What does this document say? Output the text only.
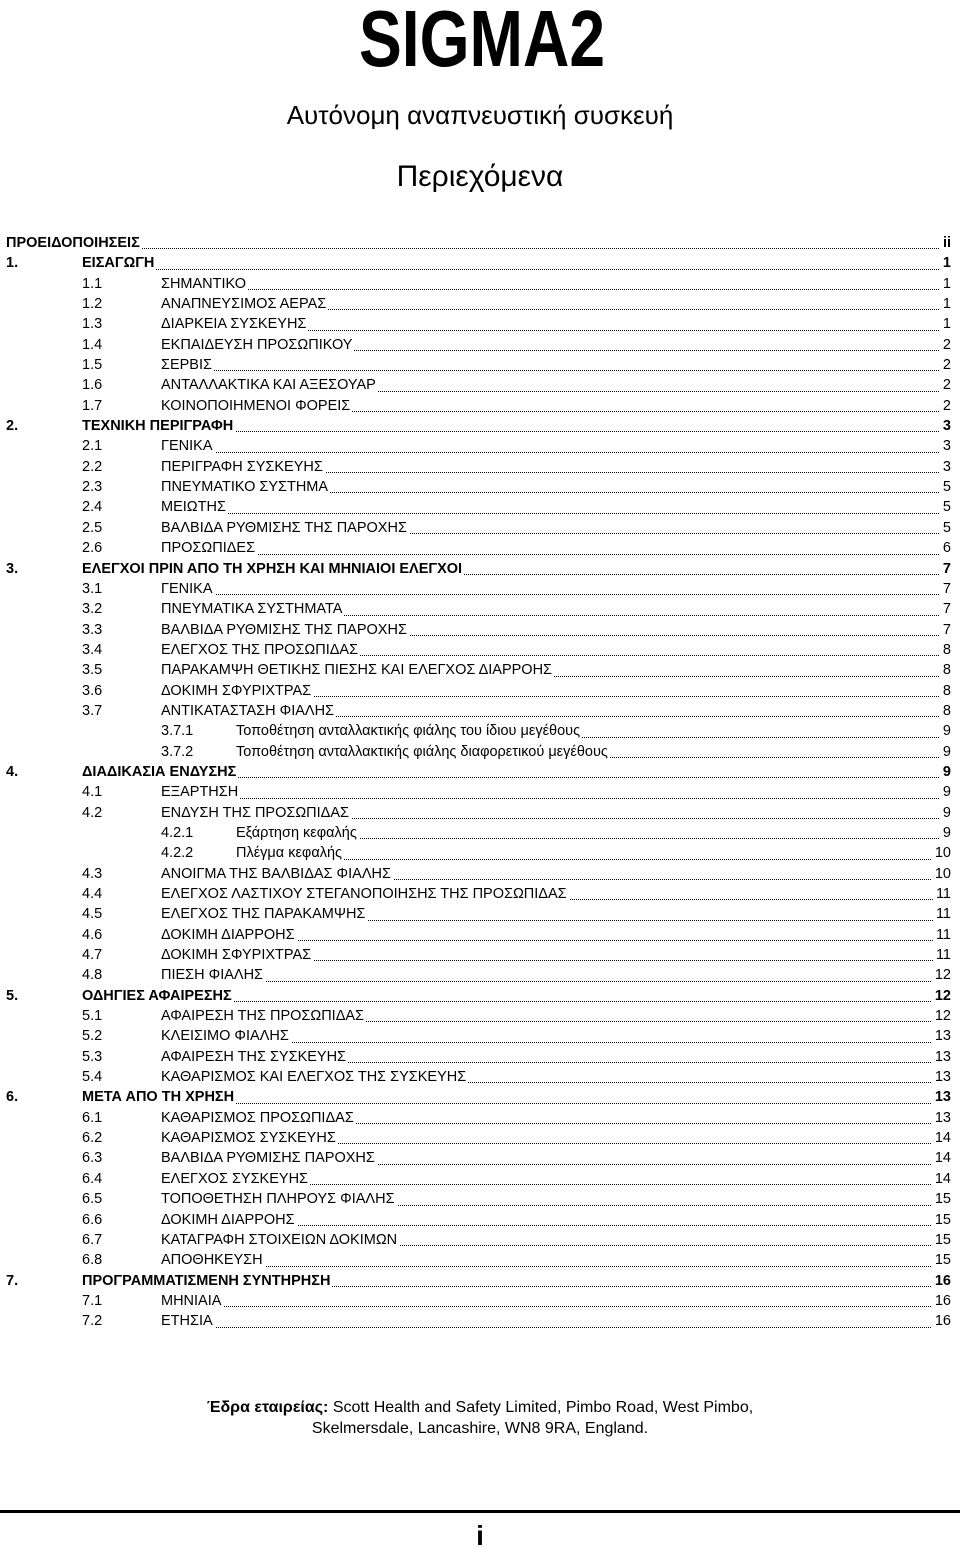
SIGMA2
Αυτόνομη αναπνευστική συσκευή
Περιεχόμενα
ΠΡΟΕΙΔΟΠΟΙΗΣΕΙΣ	ii
1.	ΕΙΣΑΓΩΓΗ	1
1.1	ΣΗΜΑΝΤΙΚΟ	1
1.2	ΑΝΑΠΝΕΥΣΙΜΟΣ ΑΕΡΑΣ	1
1.3	ΔΙΑΡΚΕΙΑ ΣΥΣΚΕΥΗΣ	1
1.4	ΕΚΠΑΙΔΕΥΣΗ ΠΡΟΣΩΠΙΚΟΥ	2
1.5	ΣΕΡΒΙΣ	2
1.6	ΑΝΤΑΛΛΑΚΤΙΚΑ ΚΑΙ ΑΞΕΣΟΥΑΡ	2
1.7	ΚΟΙΝΟΠΟΙΗΜΕΝΟΙ ΦΟΡΕΙΣ	2
2.	ΤΕΧΝΙΚΗ ΠΕΡΙΓΡΑΦΗ	3
2.1	ΓΕΝΙΚΑ	3
2.2	ΠΕΡΙΓΡΑΦΗ ΣΥΣΚΕΥΗΣ	3
2.3	ΠΝΕΥΜΑΤΙΚΟ ΣΥΣΤΗΜΑ	5
2.4	ΜΕΙΩΤΗΣ	5
2.5	ΒΑΛΒΙΔΑ ΡΥΘΜΙΣΗΣ ΤΗΣ ΠΑΡΟΧΗΣ	5
2.6	ΠΡΟΣΩΠΙΔΕΣ	6
3.	ΕΛΕΓΧΟΙ ΠΡΙΝ ΑΠΟ ΤΗ ΧΡΗΣΗ ΚΑΙ ΜΗΝΙΑΙΟΙ ΕΛΕΓΧΟΙ	7
3.1	ΓΕΝΙΚΑ	7
3.2	ΠΝΕΥΜΑΤΙΚΑ ΣΥΣΤΗΜΑΤΑ	7
3.3	ΒΑΛΒΙΔΑ ΡΥΘΜΙΣΗΣ ΤΗΣ ΠΑΡΟΧΗΣ	7
3.4	ΕΛΕΓΧΟΣ ΤΗΣ ΠΡΟΣΩΠΙΔΑΣ	8
3.5	ΠΑΡΑΚΑΜΨΗ ΘΕΤΙΚΗΣ ΠΙΕΣΗΣ ΚΑΙ ΕΛΕΓΧΟΣ ΔΙΑΡΡΟΗΣ	8
3.6	ΔΟΚΙΜΗ ΣΦΥΡΙΧΤΡΑΣ	8
3.7	ΑΝΤΙΚΑΤΑΣΤΑΣΗ ΦΙΑΛΗΣ	8
3.7.1	Τοποθέτηση ανταλλακτικής φιάλης του ίδιου μεγέθους	9
3.7.2	Τοποθέτηση ανταλλακτικής φιάλης διαφορετικού μεγέθους	9
4.	ΔΙΑΔΙΚΑΣΙΑ ΕΝΔΥΣΗΣ	9
4.1	ΕΞΑΡΤΗΣΗ	9
4.2	ΕΝΔΥΣΗ ΤΗΣ ΠΡΟΣΩΠΙΔΑΣ	9
4.2.1	Εξάρτηση κεφαλής	9
4.2.2	Πλέγμα κεφαλής	10
4.3	ΑΝΟΙΓΜΑ ΤΗΣ ΒΑΛΒΙΔΑΣ ΦΙΑΛΗΣ	10
4.4	ΕΛΕΓΧΟΣ ΛΑΣΤΙΧΟΥ ΣΤΕΓΑΝΟΠΟΙΗΣΗΣ ΤΗΣ ΠΡΟΣΩΠΙΔΑΣ	11
4.5	ΕΛΕΓΧΟΣ ΤΗΣ ΠΑΡΑΚΑΜΨΗΣ	11
4.6	ΔΟΚΙΜΗ ΔΙΑΡΡΟΗΣ	11
4.7	ΔΟΚΙΜΗ ΣΦΥΡΙΧΤΡΑΣ	11
4.8	ΠΙΕΣΗ ΦΙΑΛΗΣ	12
5.	ΟΔΗΓΙΕΣ ΑΦΑΙΡΕΣΗΣ	12
5.1	ΑΦΑΙΡΕΣΗ ΤΗΣ ΠΡΟΣΩΠΙΔΑΣ	12
5.2	ΚΛΕΙΣΙΜΟ ΦΙΑΛΗΣ	13
5.3	ΑΦΑΙΡΕΣΗ ΤΗΣ ΣΥΣΚΕΥΗΣ	13
5.4	ΚΑΘΑΡΙΣΜΟΣ ΚΑΙ ΕΛΕΓΧΟΣ ΤΗΣ ΣΥΣΚΕΥΗΣ	13
6.	ΜΕΤΑ ΑΠΟ ΤΗ ΧΡΗΣΗ	13
6.1	ΚΑΘΑΡΙΣΜΟΣ ΠΡΟΣΩΠΙΔΑΣ	13
6.2	ΚΑΘΑΡΙΣΜΟΣ ΣΥΣΚΕΥΗΣ	14
6.3	ΒΑΛΒΙΔΑ ΡΥΘΜΙΣΗΣ ΠΑΡΟΧΗΣ	14
6.4	ΕΛΕΓΧΟΣ ΣΥΣΚΕΥΗΣ	14
6.5	ΤΟΠΟΘΕΤΗΣΗ ΠΛΗΡΟΥΣ ΦΙΑΛΗΣ	15
6.6	ΔΟΚΙΜΗ ΔΙΑΡΡΟΗΣ	15
6.7	ΚΑΤΑΓΡΑΦΗ ΣΤΟΙΧΕΙΩΝ ΔΟΚΙΜΩΝ	15
6.8	ΑΠΟΘΗΚΕΥΣΗ	15
7.	ΠΡΟΓΡΑΜΜΑΤΙΣΜΕΝΗ ΣΥΝΤΗΡΗΣΗ	16
7.1	ΜΗΝΙΑΙΑ	16
7.2	ΕΤΗΣΙΑ	16
Έδρα εταιρείας: Scott Health and Safety Limited, Pimbo Road, West Pimbo,
Skelmersdale, Lancashire, WN8 9RA, England.
i
